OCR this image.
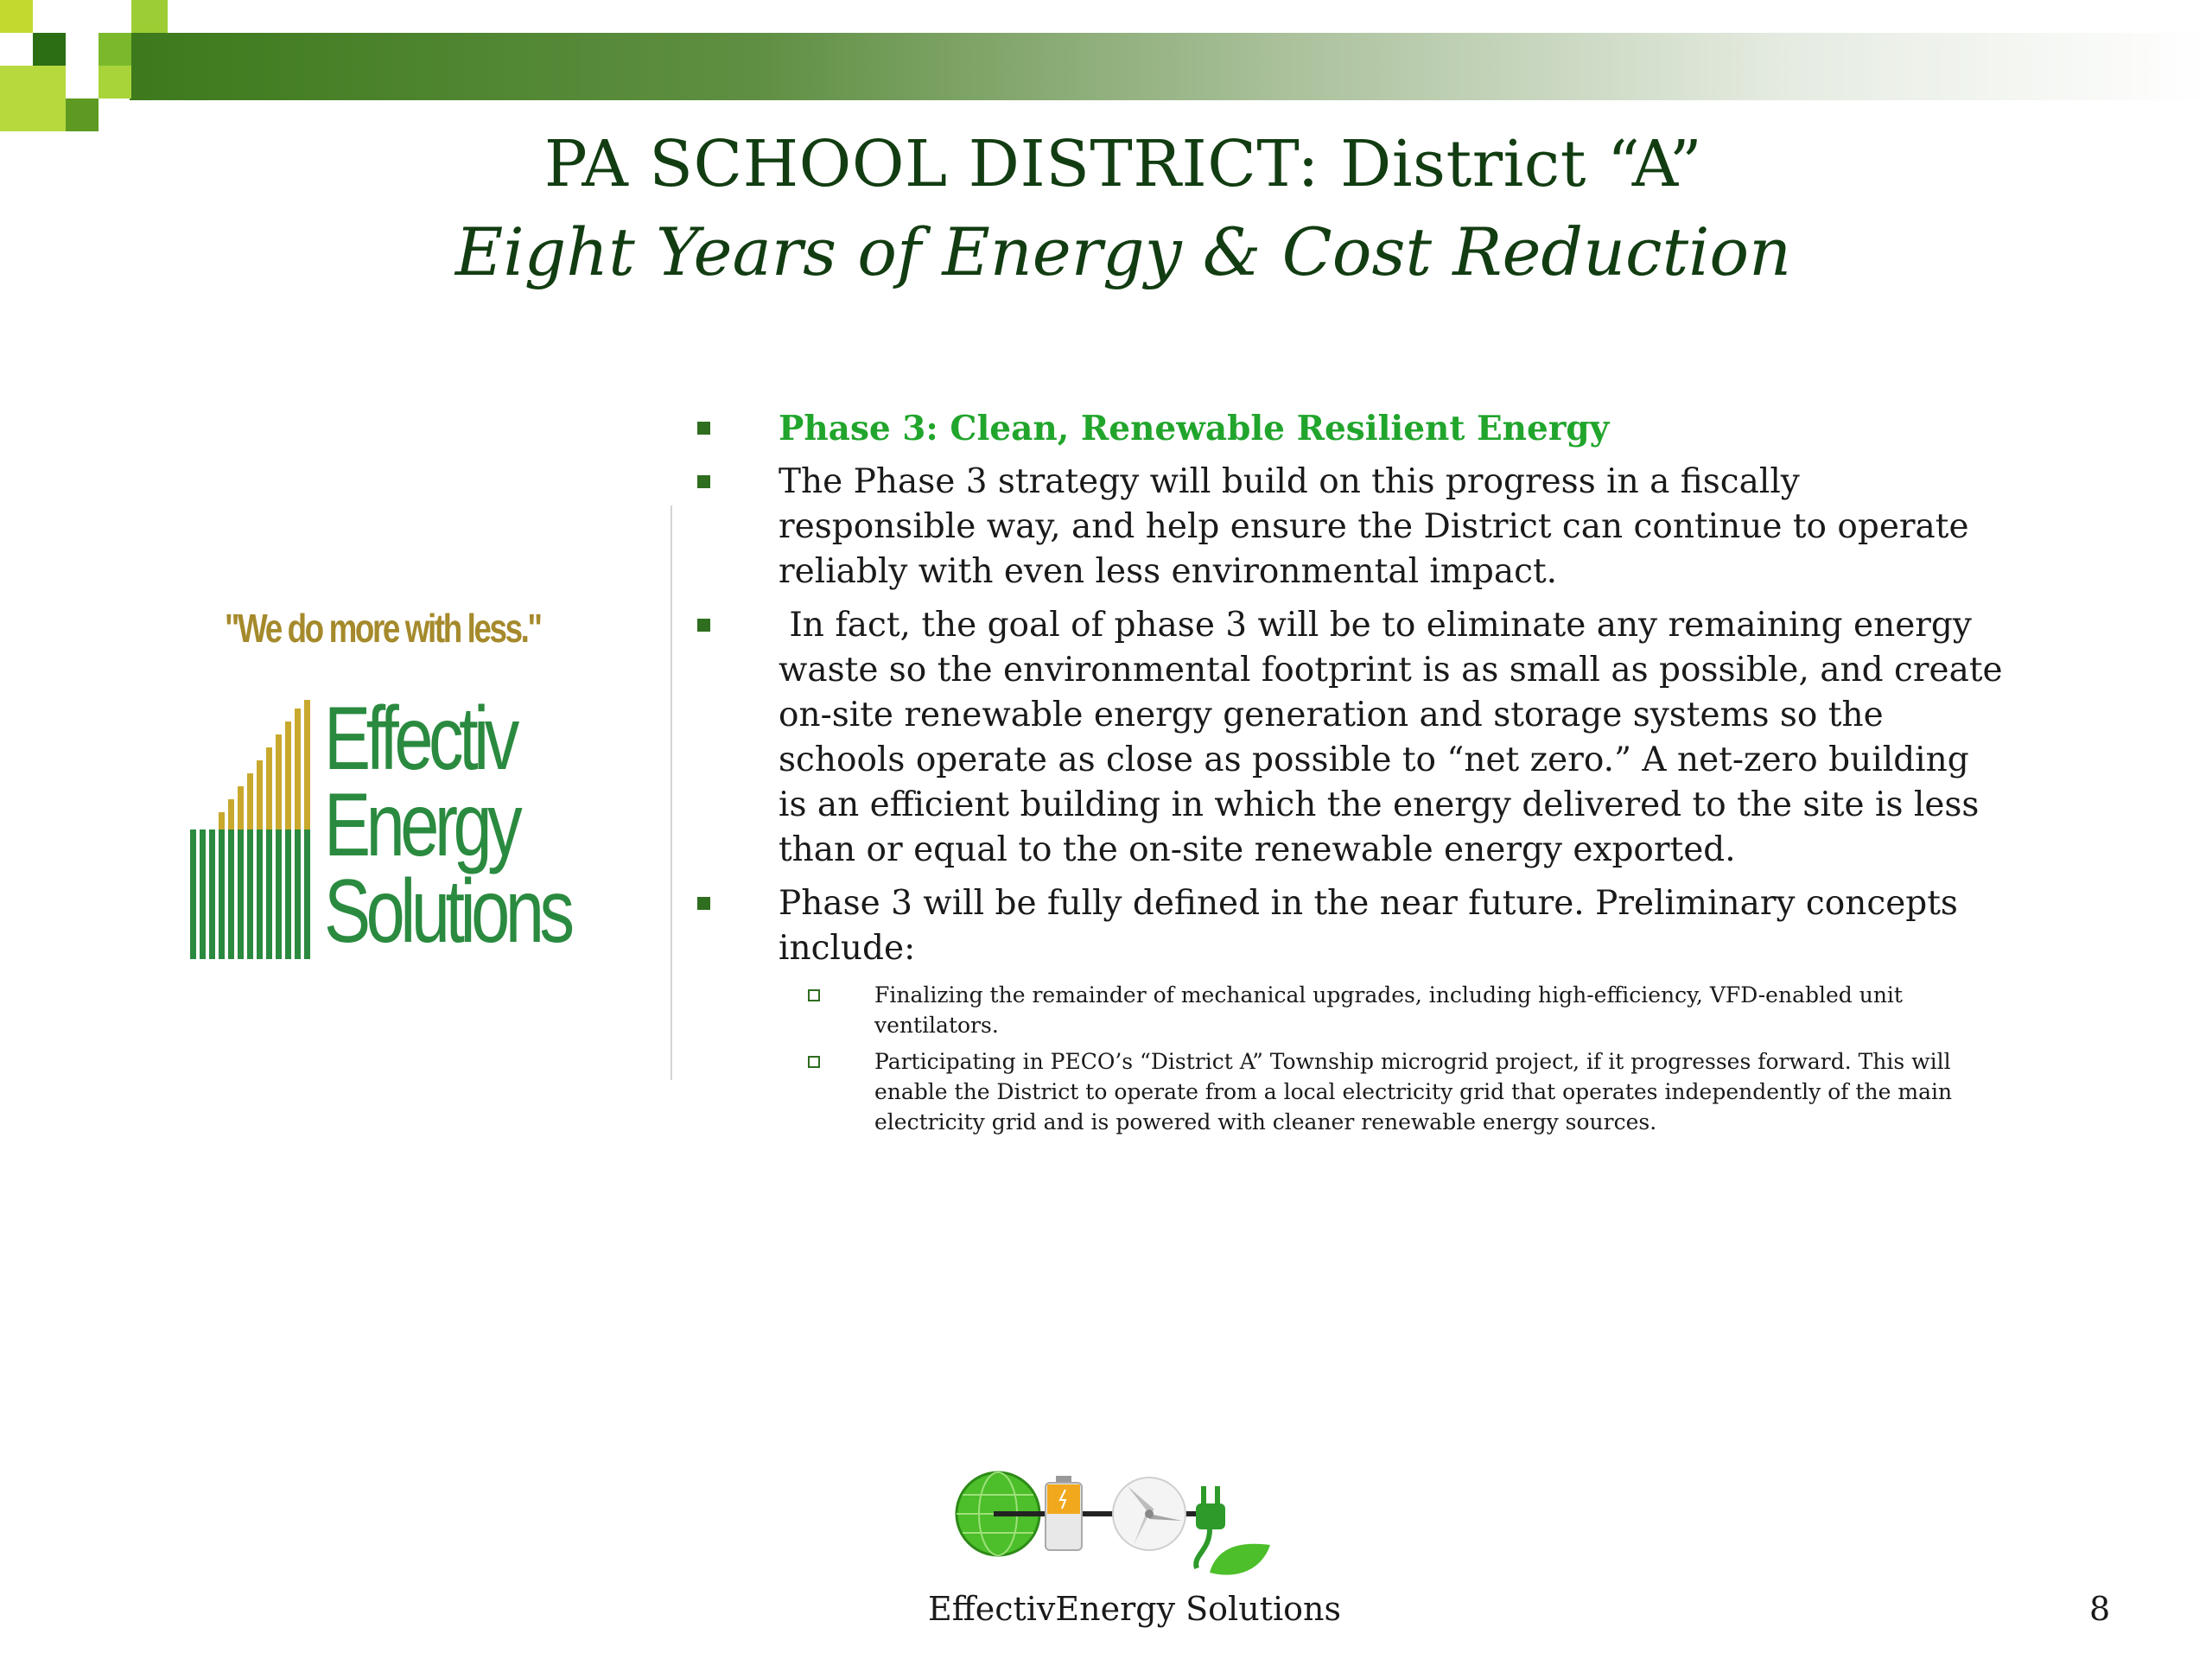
PA SCHOOL DISTRICT: District “A”
Eight Years of Energy & Cost Reduction
"We do more with less."
Effectiv
Energy
Solutions
Phase 3: Clean, Renewable Resilient Energy
The Phase 3 strategy will build on this progress in a fiscally responsible way, and help ensure the District can continue to operate reliably with even less environmental impact.
In fact, the goal of phase 3 will be to eliminate any remaining energy waste so the environmental footprint is as small as possible, and create on-site renewable energy generation and storage systems so the schools operate as close as possible to “net zero.” A net-zero building is an efficient building in which the energy delivered to the site is less than or equal to the on-site renewable energy exported.
Phase 3 will be fully defined in the near future. Preliminary concepts include:
Finalizing the remainder of mechanical upgrades, including high-efficiency, VFD-enabled unit ventilators.
Participating in PECO’s “District A” Township microgrid project, if it progresses forward. This will enable the District to operate from a local electricity grid that operates independently of the main electricity grid and is powered with cleaner renewable energy sources.
EffectivEnergy Solutions	8
